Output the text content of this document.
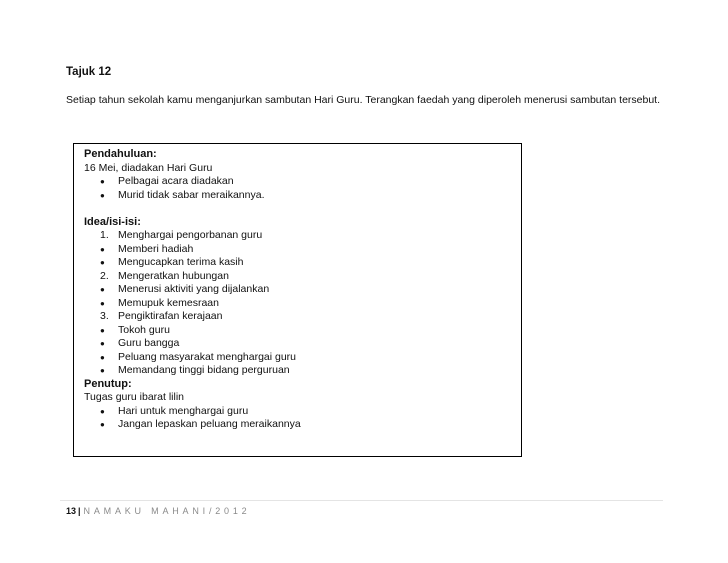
Tajuk 12
Setiap tahun sekolah kamu menganjurkan sambutan Hari Guru. Terangkan faedah yang diperoleh menerusi sambutan tersebut.
Pendahuluan:
16 Mei, diadakan Hari Guru
●	Pelbagai acara diadakan
●	Murid tidak sabar meraikannya.
Idea/isi-isi:
1. Menghargai pengorbanan guru
●	Memberi hadiah
●	Mengucapkan terima kasih
2. Mengeratkan hubungan
●	Menerusi aktiviti yang dijalankan
●	Memupuk kemesraan
3. Pengiktirafan kerajaan
●	Tokoh guru
●	Guru bangga
●	Peluang masyarakat menghargai guru
●	Memandang tinggi bidang perguruan
Penutup:
Tugas guru ibarat lilin
●	Hari untuk menghargai guru
●	Jangan lepaskan peluang meraikannya
13 | NAMAKU MAHANI/2012
